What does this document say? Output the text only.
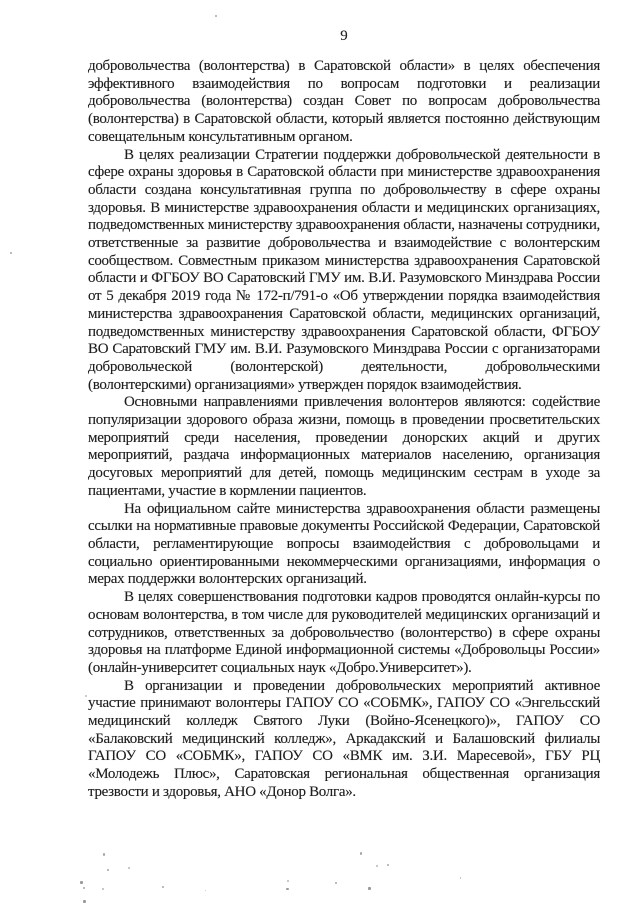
9

добровольчества (волонтерства) в Саратовской области» в целях обеспечения эффективного взаимодействия по вопросам подготовки и реализации добровольчества (волонтерства) создан Совет по вопросам добровольчества (волонтерства) в Саратовской области, который является постоянно действующим совещательным консультативным органом.

В целях реализации Стратегии поддержки добровольческой деятельности в сфере охраны здоровья в Саратовской области при министерстве здравоохранения области создана консультативная группа по добровольчеству в сфере охраны здоровья. В министерстве здравоохранения области и медицинских организациях, подведомственных министерству здравоохранения области, назначены сотрудники, ответственные за развитие добровольчества и взаимодействие с волонтерским сообществом. Совместным приказом министерства здравоохранения Саратовской области и ФГБОУ ВО Саратовский ГМУ им. В.И. Разумовского Минздрава России от 5 декабря 2019 года № 172-п/791-о «Об утверждении порядка взаимодействия министерства здравоохранения Саратовской области, медицинских организаций, подведомственных министерству здравоохранения Саратовской области, ФГБОУ ВО Саратовский ГМУ им. В.И. Разумовского Минздрава России с организаторами добровольческой (волонтерской) деятельности, добровольческими (волонтерскими) организациями» утвержден порядок взаимодействия.

Основными направлениями привлечения волонтеров являются: содействие популяризации здорового образа жизни, помощь в проведении просветительских мероприятий среди населения, проведении донорских акций и других мероприятий, раздача информационных материалов населению, организация досуговых мероприятий для детей, помощь медицинским сестрам в уходе за пациентами, участие в кормлении пациентов.

На официальном сайте министерства здравоохранения области размещены ссылки на нормативные правовые документы Российской Федерации, Саратовской области, регламентирующие вопросы взаимодействия с добровольцами и социально ориентированными некоммерческими организациями, информация о мерах поддержки волонтерских организаций.

В целях совершенствования подготовки кадров проводятся онлайн-курсы по основам волонтерства, в том числе для руководителей медицинских организаций и сотрудников, ответственных за добровольчество (волонтерство) в сфере охраны здоровья на платформе Единой информационной системы «Добровольцы России» (онлайн-университет социальных наук «Добро.Университет»).

В организации и проведении добровольческих мероприятий активное участие принимают волонтеры ГАПОУ СО «СОБМК», ГАПОУ СО «Энгельсский медицинский колледж Святого Луки (Войно-Ясенецкого)», ГАПОУ СО «Балаковский медицинский колледж», Аркадакский и Балашовский филиалы ГАПОУ СО «СОБМК», ГАПОУ СО «ВМК им. З.И. Маресевой», ГБУ РЦ «Молодежь Плюс», Саратовская региональная общественная организация трезвости и здоровья, АНО «Донор Волга».
